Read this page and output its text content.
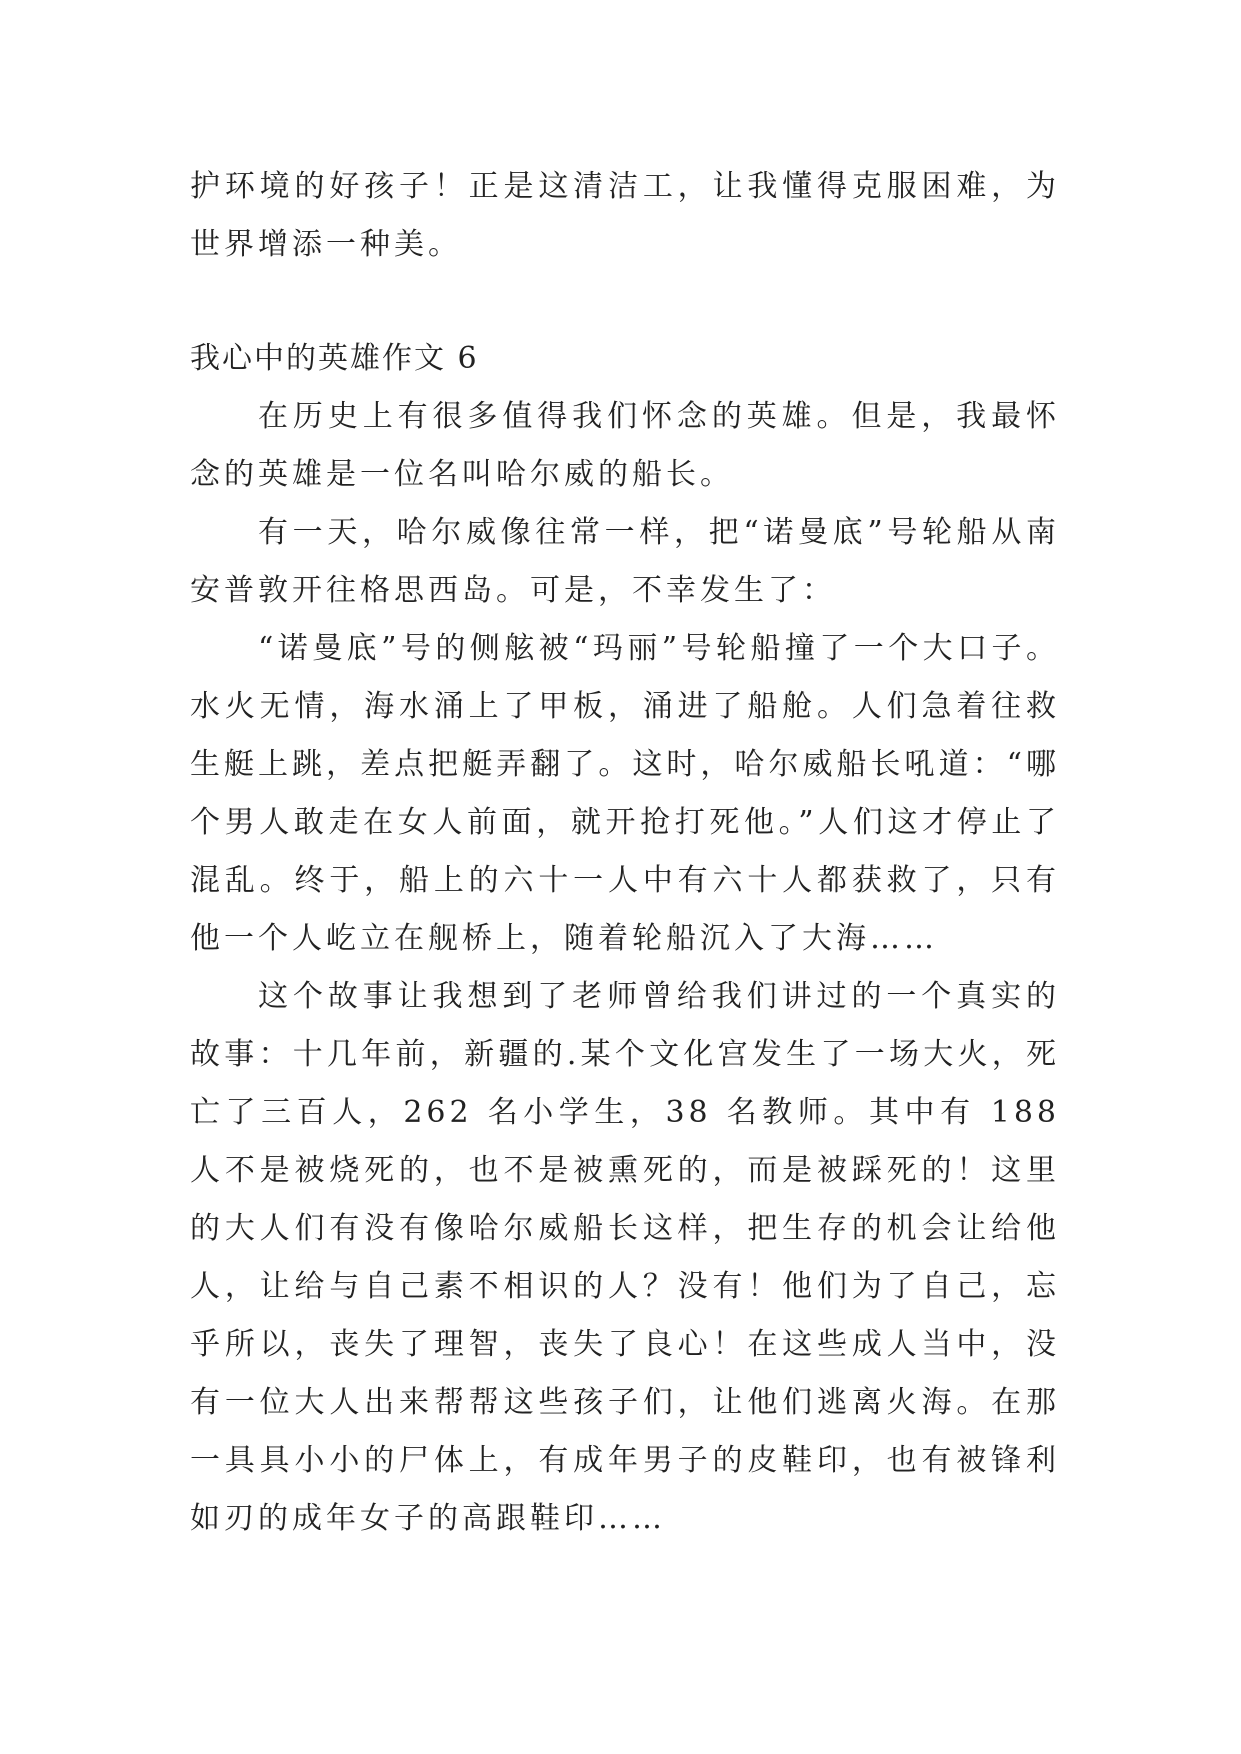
护环境的好孩子！正是这清洁工，让我懂得克服困难，为世界增添一种美。

我心中的英雄作文 6

在历史上有很多值得我们怀念的英雄。但是，我最怀念的英雄是一位名叫哈尔威的船长。

有一天，哈尔威像往常一样，把“诺曼底”号轮船从南安普敦开往格思西岛。可是，不幸发生了：

“诺曼底”号的侧舷被“玛丽”号轮船撞了一个大口子。水火无情，海水涌上了甲板，涌进了船舱。人们急着往救生艇上跳，差点把艇弄翻了。这时，哈尔威船长吼道：“哪个男人敢走在女人前面，就开抢打死他。”人们这才停止了混乱。终于，船上的六十一人中有六十人都获救了，只有他一个人屹立在舰桥上，随着轮船沉入了大海……

这个故事让我想到了老师曾给我们讲过的一个真实的故事：十几年前，新疆的.某个文化宫发生了一场大火，死亡了三百人，262 名小学生，38 名教师。其中有 188 人不是被烧死的，也不是被熏死的，而是被踩死的！这里的大人们有没有像哈尔威船长这样，把生存的机会让给他人，让给与自己素不相识的人？没有！他们为了自己，忘乎所以，丧失了理智，丧失了良心！在这些成人当中，没有一位大人出来帮帮这些孩子们，让他们逃离火海。在那一具具小小的尸体上，有成年男子的皮鞋印，也有被锋利如刃的成年女子的高跟鞋印……
